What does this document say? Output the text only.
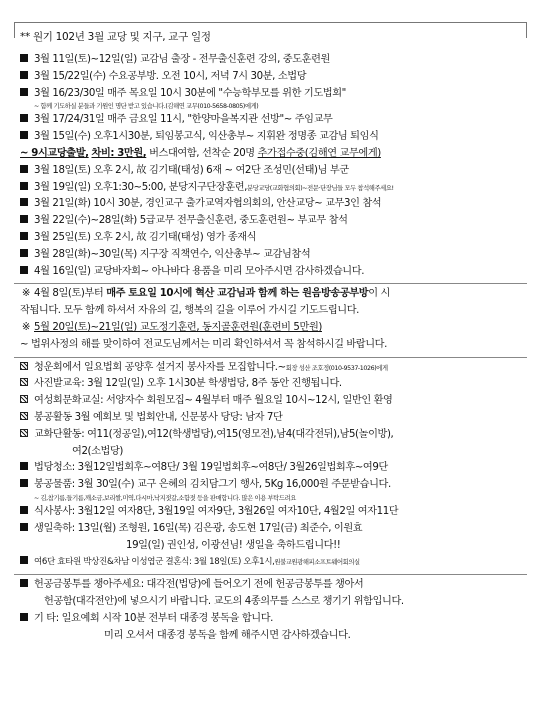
** 원기 102년 3월 교당 및 지구, 교구 일정
3월 11일(토)~12일(일) 교감님 출장 - 전무출신훈련 강의, 중도훈련원
3월 15/22일(수) 수요공부방. 오전 10시, 저녁 7시 30분, 소법당
3월 16/23/30일 매주 목요일 10시 30분에 "수능학부모를 위한 기도법회"
~ 함께 기도하실 분들과 기원인 명단 받고 있습니다.(김해연 교무(010-5658-0805)에게)
3월 17/24/31일 매주 금요일 11시, "한양마을복지관 선방"~ 주임교무
3월 15일(수) 오후1시30분, 퇴임봉고식, 익산총부~ 지휘완 정명종 교감님 퇴임식
~ 9시교당출발, 차비: 3만원, 버스대여함, 선착순 20명 추가접수중(김해연 교무에게)
3월 18일(토) 오후 2시, 故 김기태(태성) 6재 ~ 여2단 조성민(선태)님 부군
3월 19일(일) 오후1:30~5:00, 분당지구단장훈련,분당교당(교화협의회)~전문·단장님들 모두 참석해주세요!
3월 21일(화) 10시 30분, 경인교구 출가교역자협의회의, 안산교당~ 교무3인 참석
3월 22일(수)~28일(화) 5급교무 전무출신훈련, 중도훈련원~ 부교무 참석
3월 25일(토) 오후 2시, 故 김기태(태성) 영가 종재식
3월 28일(화)~30일(목) 지구장 직책연수, 익산총부~ 교감님참석
4월 16일(일) 교당바자회~ 아나바다 용품을 미리 모아주시면 감사하겠습니다.
※ 4월 8일(토)부터 매주 토요일 10시에 혁산 교감님과 함께 하는 원음방송공부방이 시
작됩니다. 모두 함께 하셔서 자유의 길, 행복의 길을 이루어 가시길 기도드립니다.
※ 5월 20일(토)~21일(일) 교도정기훈련, 동지골훈련원(훈련비 5만원)
~ 법위사정의 해를 맞이하여 전교도님께서는 미리 확인하셔서 꼭 참석하시길 바랍니다.
청운회에서 일요법회 공양후 설거지 봉사자를 모집합니다.~회장 성산 조호정(010-9537-1026)에게
사진발교육: 3월 12일(일) 오후 1시30분 학생법당, 8주 동안 진행됩니다.
여성회문화교실: 서양자수 회원모집~ 4월부터 매주 월요일 10시~12시, 일반인 환영
봉공활동 3월 예회보 및 법회안내, 신문봉사 당당: 남자 7단
교화단활동: 여11(정공일),여12(학생법당),여15(영모전),남4(대각전뒤),남5(놀이방),
여2(소법당)
법당청소: 3월12일법회후~여8단/ 3월 19일법회후~여8단/ 3월26일법회후~여9단
봉공물품: 3월 30일(수) 교구 은혜의 김치담그기 행사, 5Kg 16,000원 주문받습니다.
~ 김,참기름,들기름,깨소금,보리쌀,미역,다시마,낙지젓갈,소함젓 등을 판매합니다. 많은 이용 부탁드려요
식사봉사: 3월12일 여자8단, 3월19일 여자9단, 3월26일 여자10단, 4월2일 여자11단
생일축하: 13일(월) 조형원, 16일(목) 김은광, 송도현 17일(금) 최준수, 이원효
19일(일) 권인성, 이광선님! 생일을 축하드립니다!!
여6단 효타원 박상진&차남 이성엽군 결혼식: 3월 18일(토) 오후1시,원불교원광해피소프트웨어회의실
헌공금봉투를 챙아주세요: 대각전(법당)에 들어오기 전에 헌공금봉투를 챙아서
헌공함(대각전안)에 넣으시기 바랍니다. 교도의 4종의무를 스스로 챙기기 위함입니다.
기 타: 일요예회 시작 10분 전부터 대종경 봉독을 합니다.
미리 오셔서 대종경 봉독을 함께 해주시면 감사하겠습니다.
